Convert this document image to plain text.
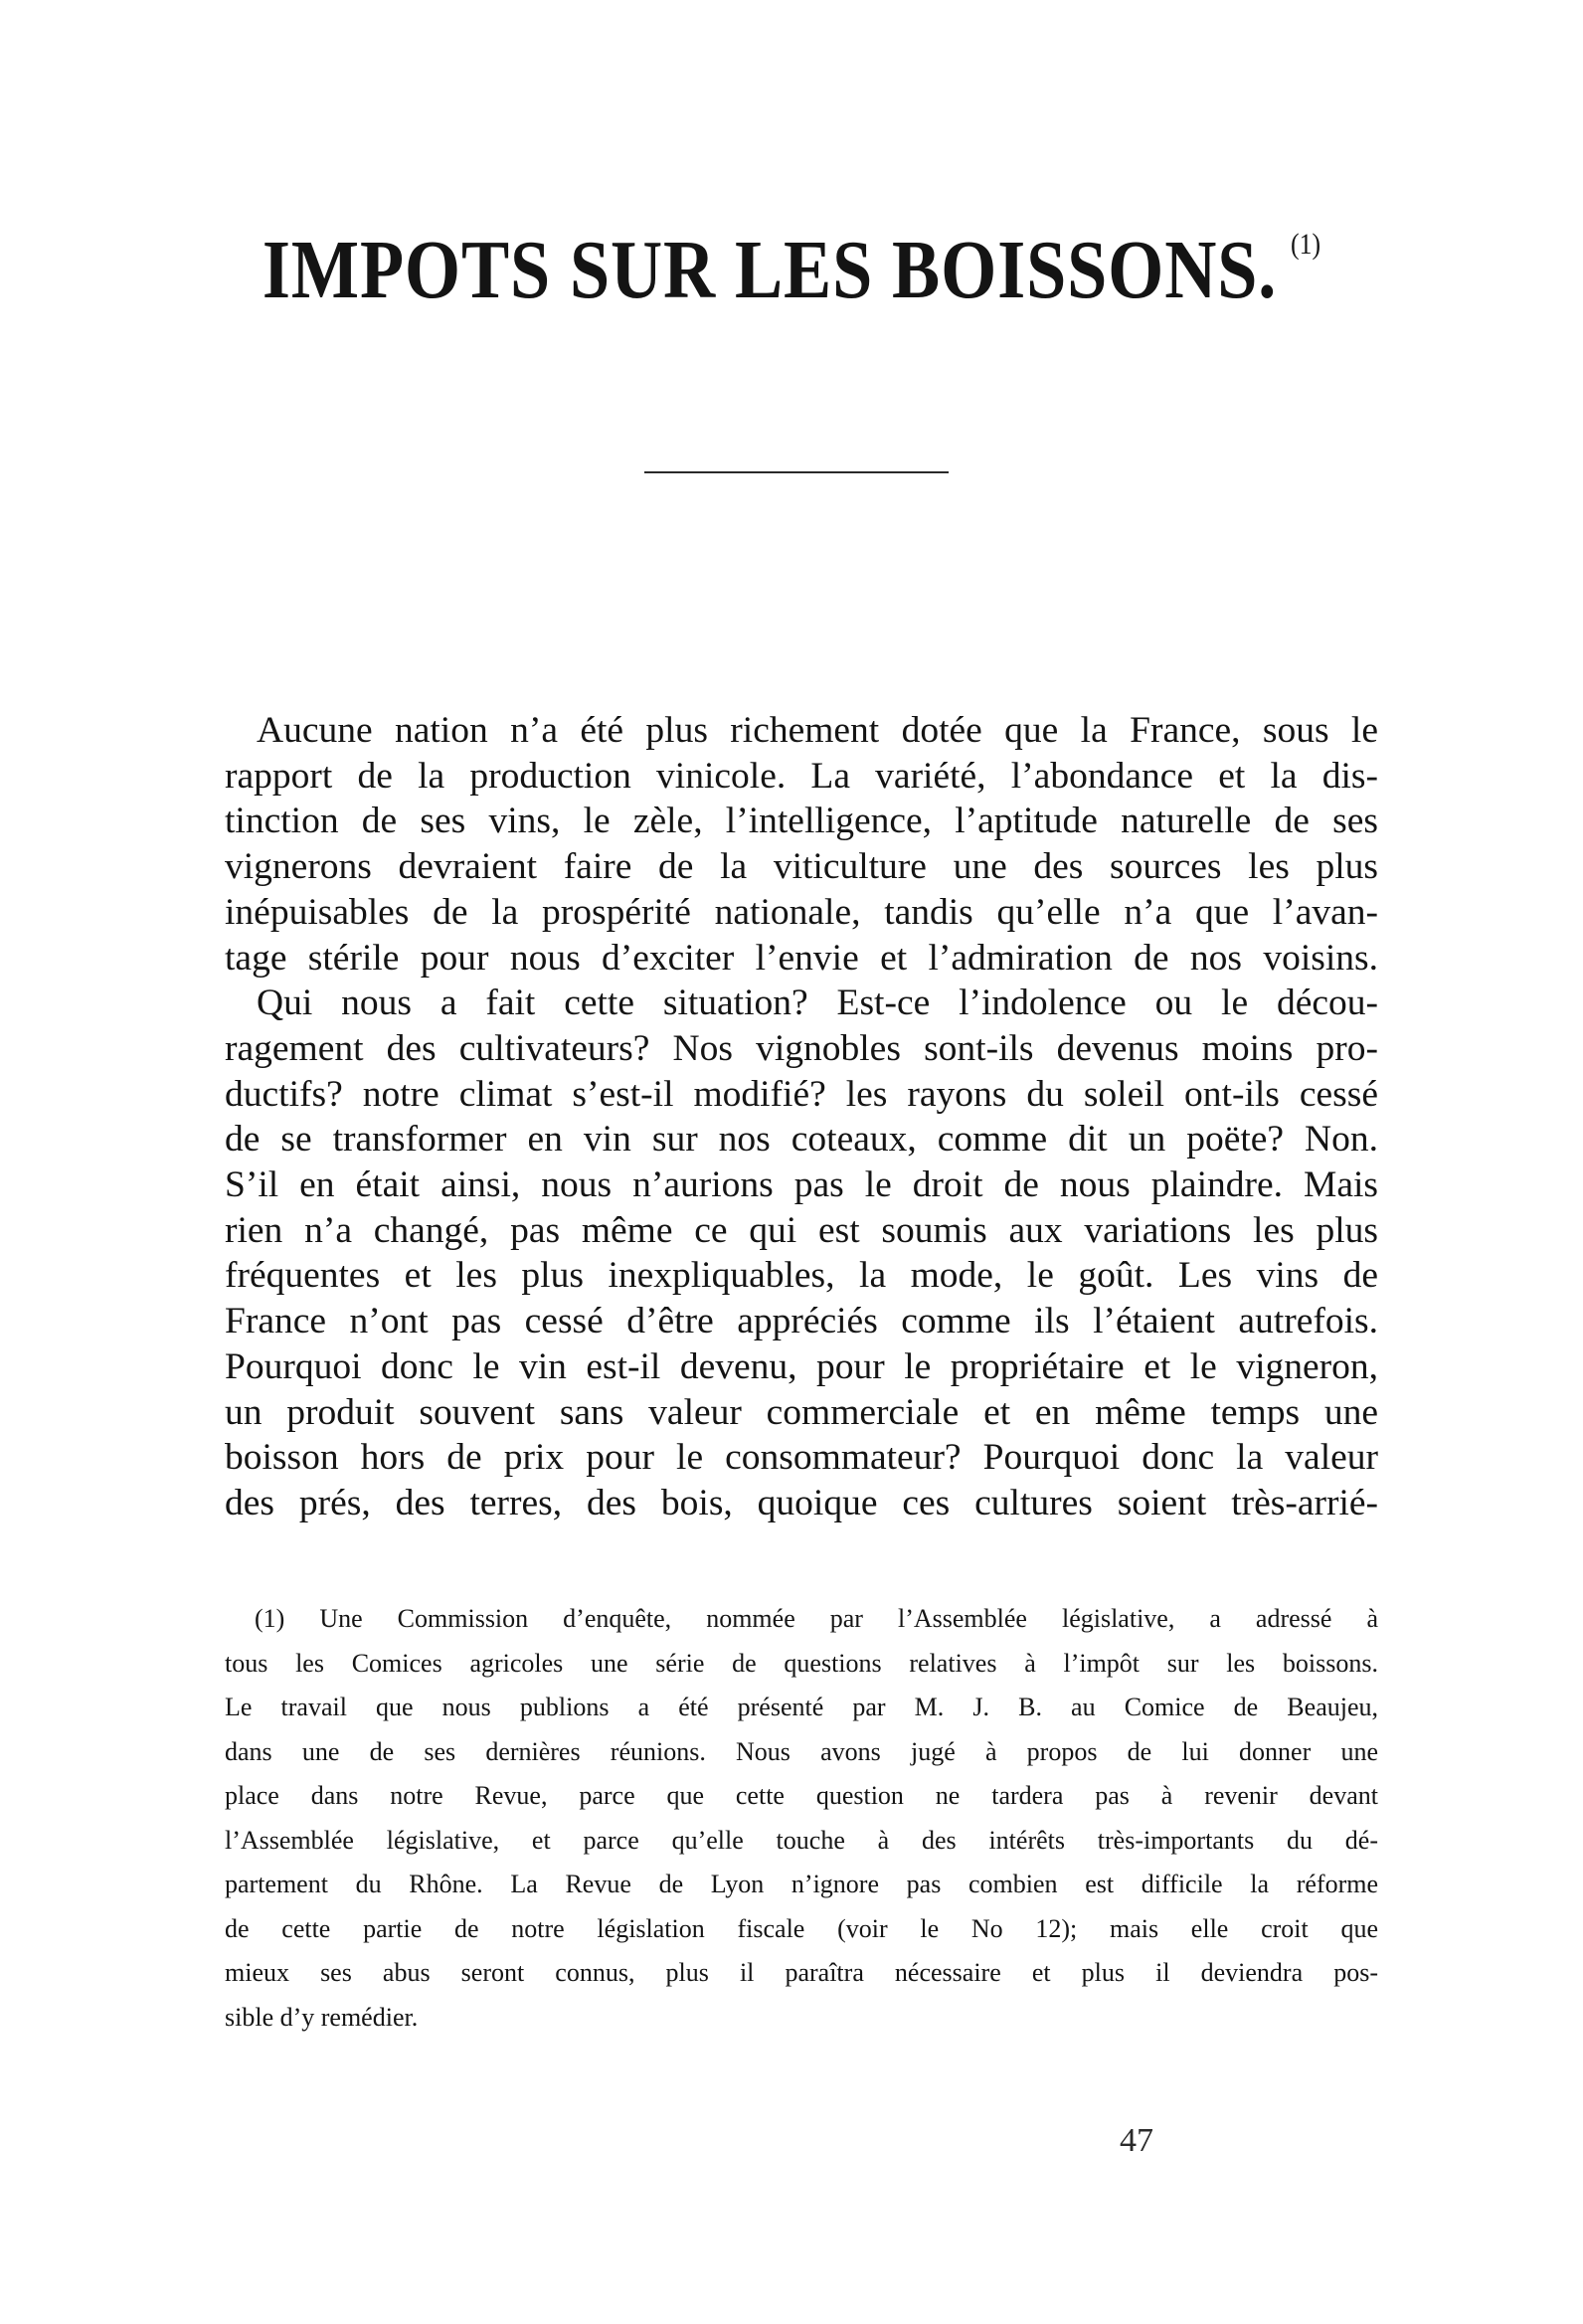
IMPOTS SUR LES BOISSONS. $^{(1)}$
Aucune nation n’a été plus richement dotée que la France, sous le
rapport de la production vinicole. La variété, l’abondance et la dis-
tinction de ses vins, le zèle, l’intelligence, l’aptitude naturelle de ses
vignerons devraient faire de la viticulture une des sources les plus
inépuisables de la prospérité nationale, tandis qu’elle n’a que l’avan-
tage stérile pour nous d’exciter l’envie et l’admiration de nos voisins.
Qui nous a fait cette situation? Est-ce l’indolence ou le décou-
ragement des cultivateurs? Nos vignobles sont-ils devenus moins pro-
ductifs? notre climat s’est-il modifié? les rayons du soleil ont-ils cessé
de se transformer en vin sur nos coteaux, comme dit un poëte? Non.
S’il en était ainsi, nous n’aurions pas le droit de nous plaindre. Mais
rien n’a changé, pas même ce qui est soumis aux variations les plus
fréquentes et les plus inexpliquables, la mode, le goût. Les vins de
France n’ont pas cessé d’être appréciés comme ils l’étaient autrefois.
Pourquoi donc le vin est-il devenu, pour le propriétaire et le vigneron,
un produit souvent sans valeur commerciale et en même temps une
boisson hors de prix pour le consommateur? Pourquoi donc la valeur
des prés, des terres, des bois, quoique ces cultures soient très-arrié-
(1) Une Commission d’enquête, nommée par l’Assemblée législative, a adressé à
tous les Comices agricoles une série de questions relatives à l’impôt sur les boissons.
Le travail que nous publions a été présenté par M. J. B. au Comice de Beaujeu,
dans une de ses dernières réunions. Nous avons jugé à propos de lui donner une
place dans notre Revue, parce que cette question ne tardera pas à revenir devant
l’Assemblée législative, et parce qu’elle touche à des intérêts très-importants du dé-
partement du Rhône. La Revue de Lyon n’ignore pas combien est difficile la réforme
de cette partie de notre législation fiscale (voir le No 12); mais elle croit que
mieux ses abus seront connus, plus il paraîtra nécessaire et plus il deviendra pos-
sible d’y remédier.
47
